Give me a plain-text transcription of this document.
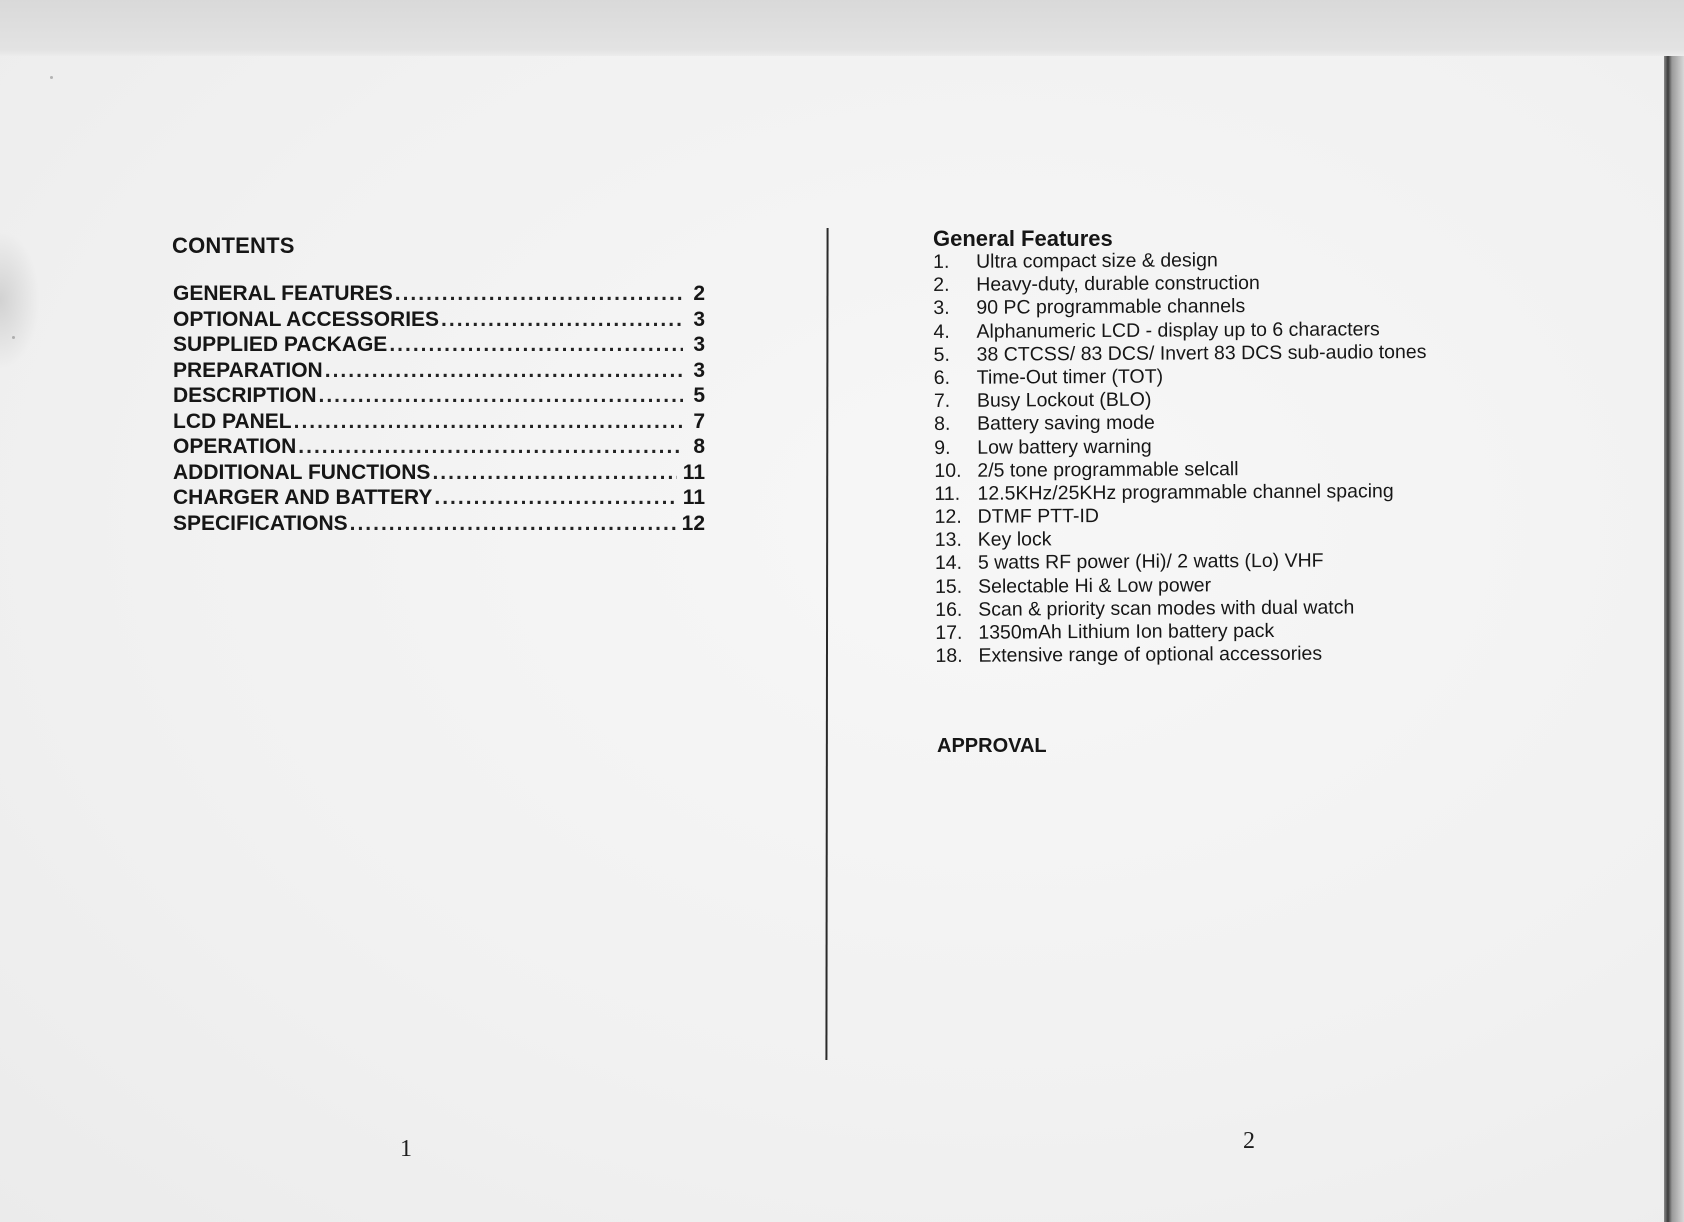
CONTENTS
GENERAL FEATURES .....	2
OPTIONAL ACCESSORIES .....	3
SUPPLIED PACKAGE .....	3
PREPARATION .....	3
DESCRIPTION .....	5
LCD PANEL .....	7
OPERATION .....	8
ADDITIONAL FUNCTIONS .....	11
CHARGER AND BATTERY .....	11
SPECIFICATIONS .....	12
1
General Features
1.	Ultra compact size & design
2.	Heavy-duty, durable construction
3.	90 PC programmable channels
4.	Alphanumeric LCD - display up to 6 characters
5.	38 CTCSS/ 83 DCS/ Invert 83 DCS sub-audio tones
6.	Time-Out timer (TOT)
7.	Busy Lockout (BLO)
8.	Battery saving mode
9.	Low battery warning
10. 2/5 tone programmable selcall
11. 12.5KHz/25KHz programmable channel spacing
12. DTMF PTT-ID
13. Key lock
14. 5 watts RF power (Hi)/ 2 watts (Lo) VHF
15. Selectable Hi & Low power
16. Scan & priority scan modes with dual watch
17. 1350mAh Lithium Ion battery pack
18. Extensive range of optional accessories
APPROVAL
2
